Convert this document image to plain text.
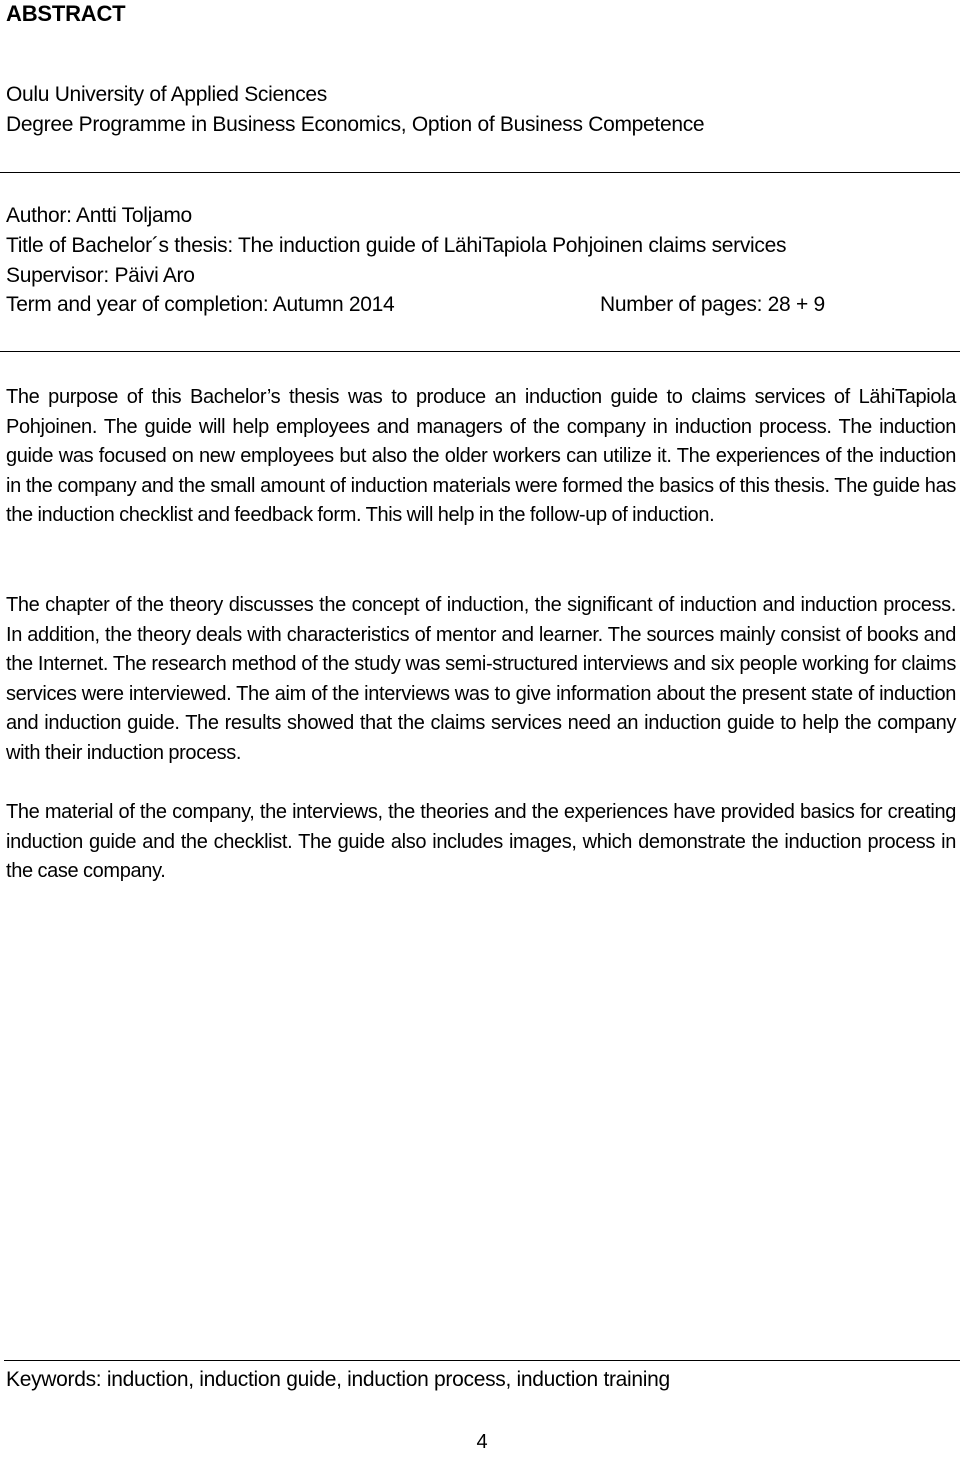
ABSTRACT
Oulu University of Applied Sciences
Degree Programme in Business Economics, Option of Business Competence
Author: Antti Toljamo
Title of Bachelor´s thesis: The induction guide of LähiTapiola Pohjoinen claims services
Supervisor: Päivi Aro
Term and year of completion: Autumn 2014	Number of pages: 28 + 9
The purpose of this Bachelor’s thesis was to produce an induction guide to claims services of LähiTapiola Pohjoinen. The guide will help employees and managers of the company in induction process. The induction guide was focused on new employees but also the older workers can utilize it. The experiences of the induction in the company and the small amount of induction materials were formed the basics of this thesis. The guide has the induction checklist and feedback form. This will help in the follow-up of induction.
The chapter of the theory discusses the concept of induction, the significant of induction and induction process. In addition, the theory deals with characteristics of mentor and learner. The sources mainly consist of books and the Internet. The research method of the study was semi-structured interviews and six people working for claims services were interviewed. The aim of the interviews was to give information about the present state of induction and induction guide. The results showed that the claims services need an induction guide to help the company with their induction process.
The material of the company, the interviews, the theories and the experiences have provided basics for creating induction guide and the checklist. The guide also includes images, which demonstrate the induction process in the case company.
Keywords: induction, induction guide, induction process, induction training
4
